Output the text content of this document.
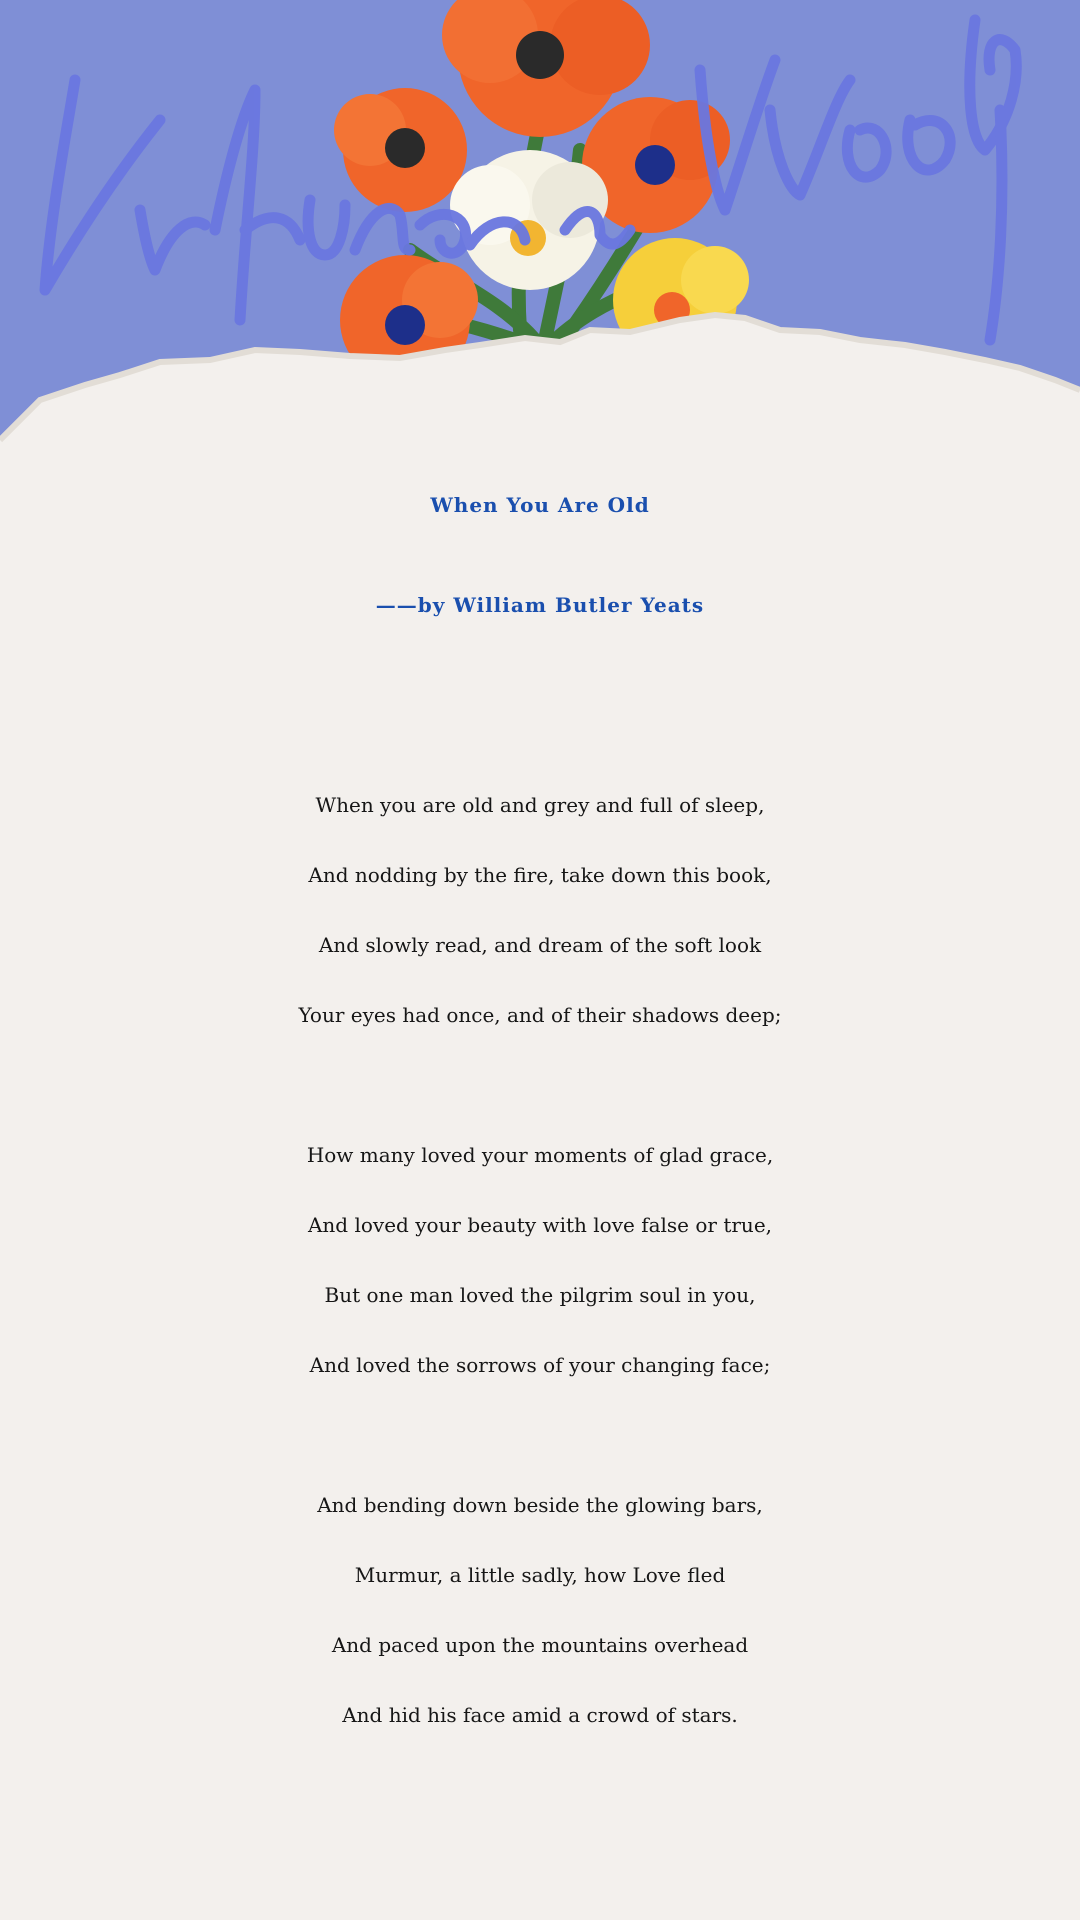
When You Are Old
——by William Butler Yeats
When you are old and grey and full of sleep,
And nodding by the fire, take down this book,
And slowly read, and dream of the soft look
Your eyes had once, and of their shadows deep;
How many loved your moments of glad grace,
And loved your beauty with love false or true,
But one man loved the pilgrim soul in you,
And loved the sorrows of your changing face;
And bending down beside the glowing bars,
Murmur, a little sadly, how Love fled
And paced upon the mountains overhead
And hid his face amid a crowd of stars.
